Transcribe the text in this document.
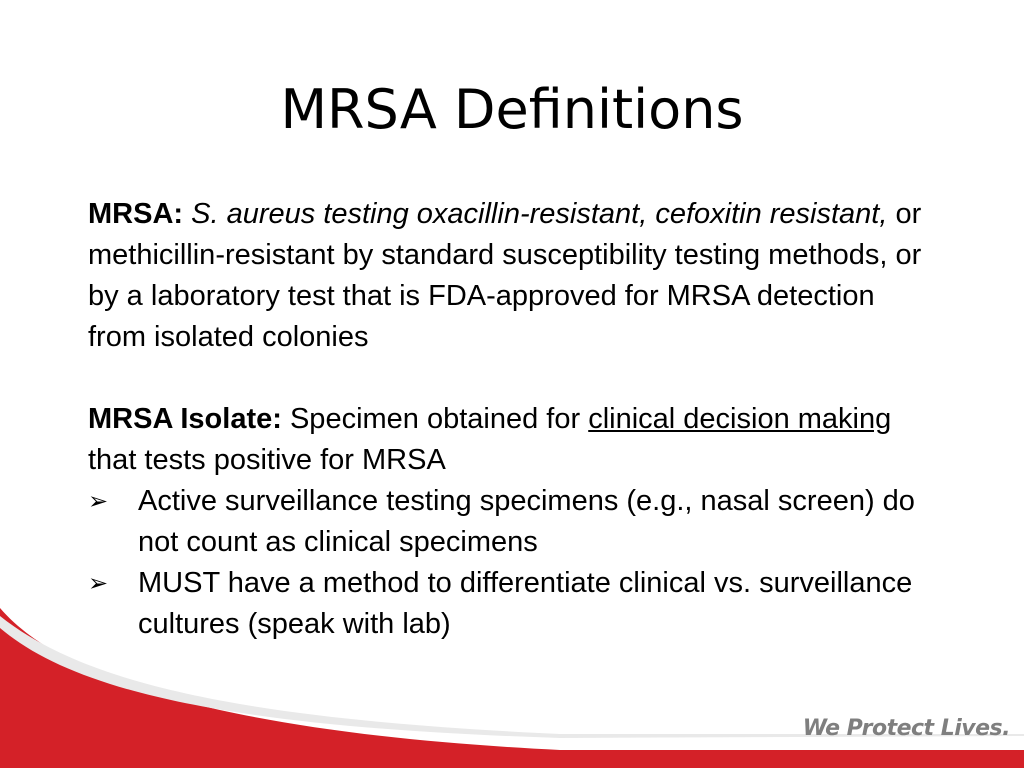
MRSA Definitions

MRSA: S. aureus testing oxacillin-resistant, cefoxitin resistant, or methicillin-resistant by standard susceptibility testing methods, or by a laboratory test that is FDA-approved for MRSA detection from isolated colonies

MRSA Isolate: Specimen obtained for clinical decision making that tests positive for MRSA

➢	Active surveillance testing specimens (e.g., nasal screen) do not count as clinical specimens
➢	MUST have a method to differentiate clinical vs. surveillance cultures (speak with lab)
We Protect Lives.
